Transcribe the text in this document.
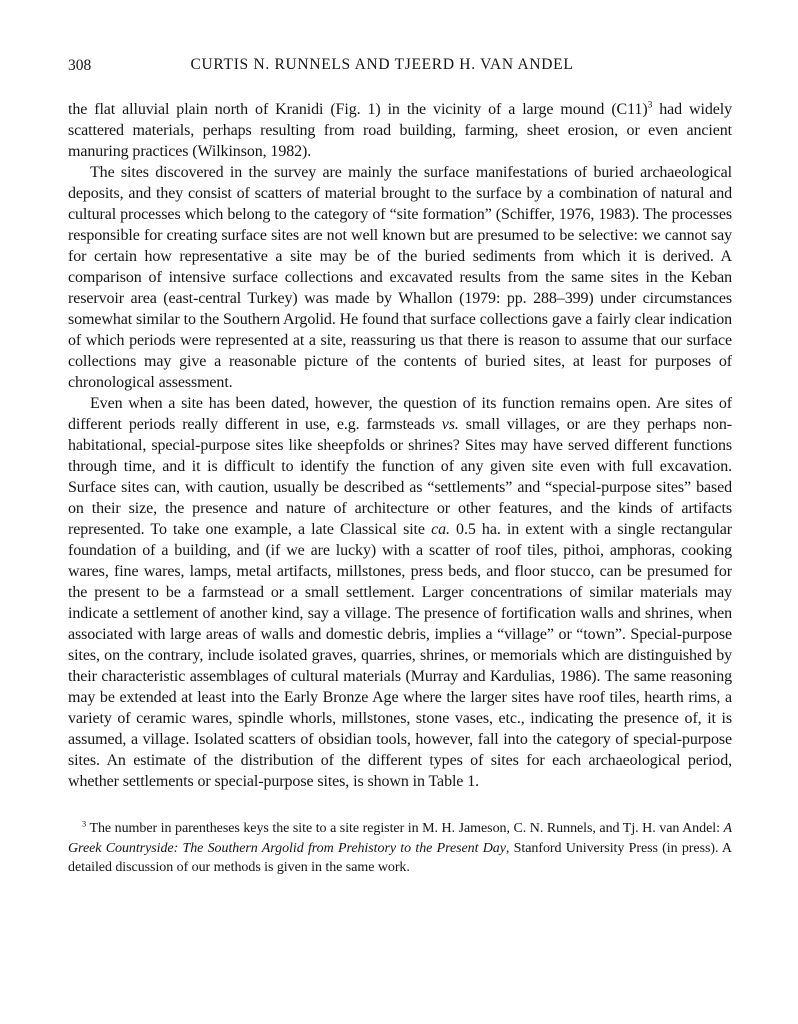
308	CURTIS N. RUNNELS AND TJEERD H. VAN ANDEL

the flat alluvial plain north of Kranidi (Fig. 1) in the vicinity of a large mound $(C11)^3$ had widely scattered materials, perhaps resulting from road building, farming, sheet erosion, or even ancient manuring practices (Wilkinson, 1982).

The sites discovered in the survey are mainly the surface manifestations of buried archaeological deposits, and they consist of scatters of material brought to the surface by a combination of natural and cultural processes which belong to the category of “site formation” (Schiffer, 1976, 1983). The processes responsible for creating surface sites are not well known but are presumed to be selective: we cannot say for certain how representative a site may be of the buried sediments from which it is derived. A comparison of intensive surface collections and excavated results from the same sites in the Keban reservoir area (east-central Turkey) was made by Whallon (1979: pp. 288–399) under circumstances somewhat similar to the Southern Argolid. He found that surface collections gave a fairly clear indication of which periods were represented at a site, reassuring us that there is reason to assume that our surface collections may give a reasonable picture of the contents of buried sites, at least for purposes of chronological assessment.

Even when a site has been dated, however, the question of its function remains open. Are sites of different periods really different in use, e.g. farmsteads vs. small villages, or are they perhaps non-habitational, special-purpose sites like sheepfolds or shrines? Sites may have served different functions through time, and it is difficult to identify the function of any given site even with full excavation. Surface sites can, with caution, usually be described as “settlements” and “special-purpose sites” based on their size, the presence and nature of architecture or other features, and the kinds of artifacts represented. To take one example, a late Classical site ca. 0.5 ha. in extent with a single rectangular foundation of a building, and (if we are lucky) with a scatter of roof tiles, pithoi, amphoras, cooking wares, fine wares, lamps, metal artifacts, millstones, press beds, and floor stucco, can be presumed for the present to be a farmstead or a small settlement. Larger concentrations of similar materials may indicate a settlement of another kind, say a village. The presence of fortification walls and shrines, when associated with large areas of walls and domestic debris, implies a “village” or “town”. Special-purpose sites, on the contrary, include isolated graves, quarries, shrines, or memorials which are distinguished by their characteristic assemblages of cultural materials (Murray and Kardulias, 1986). The same reasoning may be extended at least into the Early Bronze Age where the larger sites have roof tiles, hearth rims, a variety of ceramic wares, spindle whorls, millstones, stone vases, etc., indicating the presence of, it is assumed, a village. Isolated scatters of obsidian tools, however, fall into the category of special-purpose sites. An estimate of the distribution of the different types of sites for each archaeological period, whether settlements or special-purpose sites, is shown in Table 1.

$^3$ The number in parentheses keys the site to a site register in M. H. Jameson, C. N. Runnels, and Tj. H. van Andel: A Greek Countryside: The Southern Argolid from Prehistory to the Present Day, Stanford University Press (in press). A detailed discussion of our methods is given in the same work.
